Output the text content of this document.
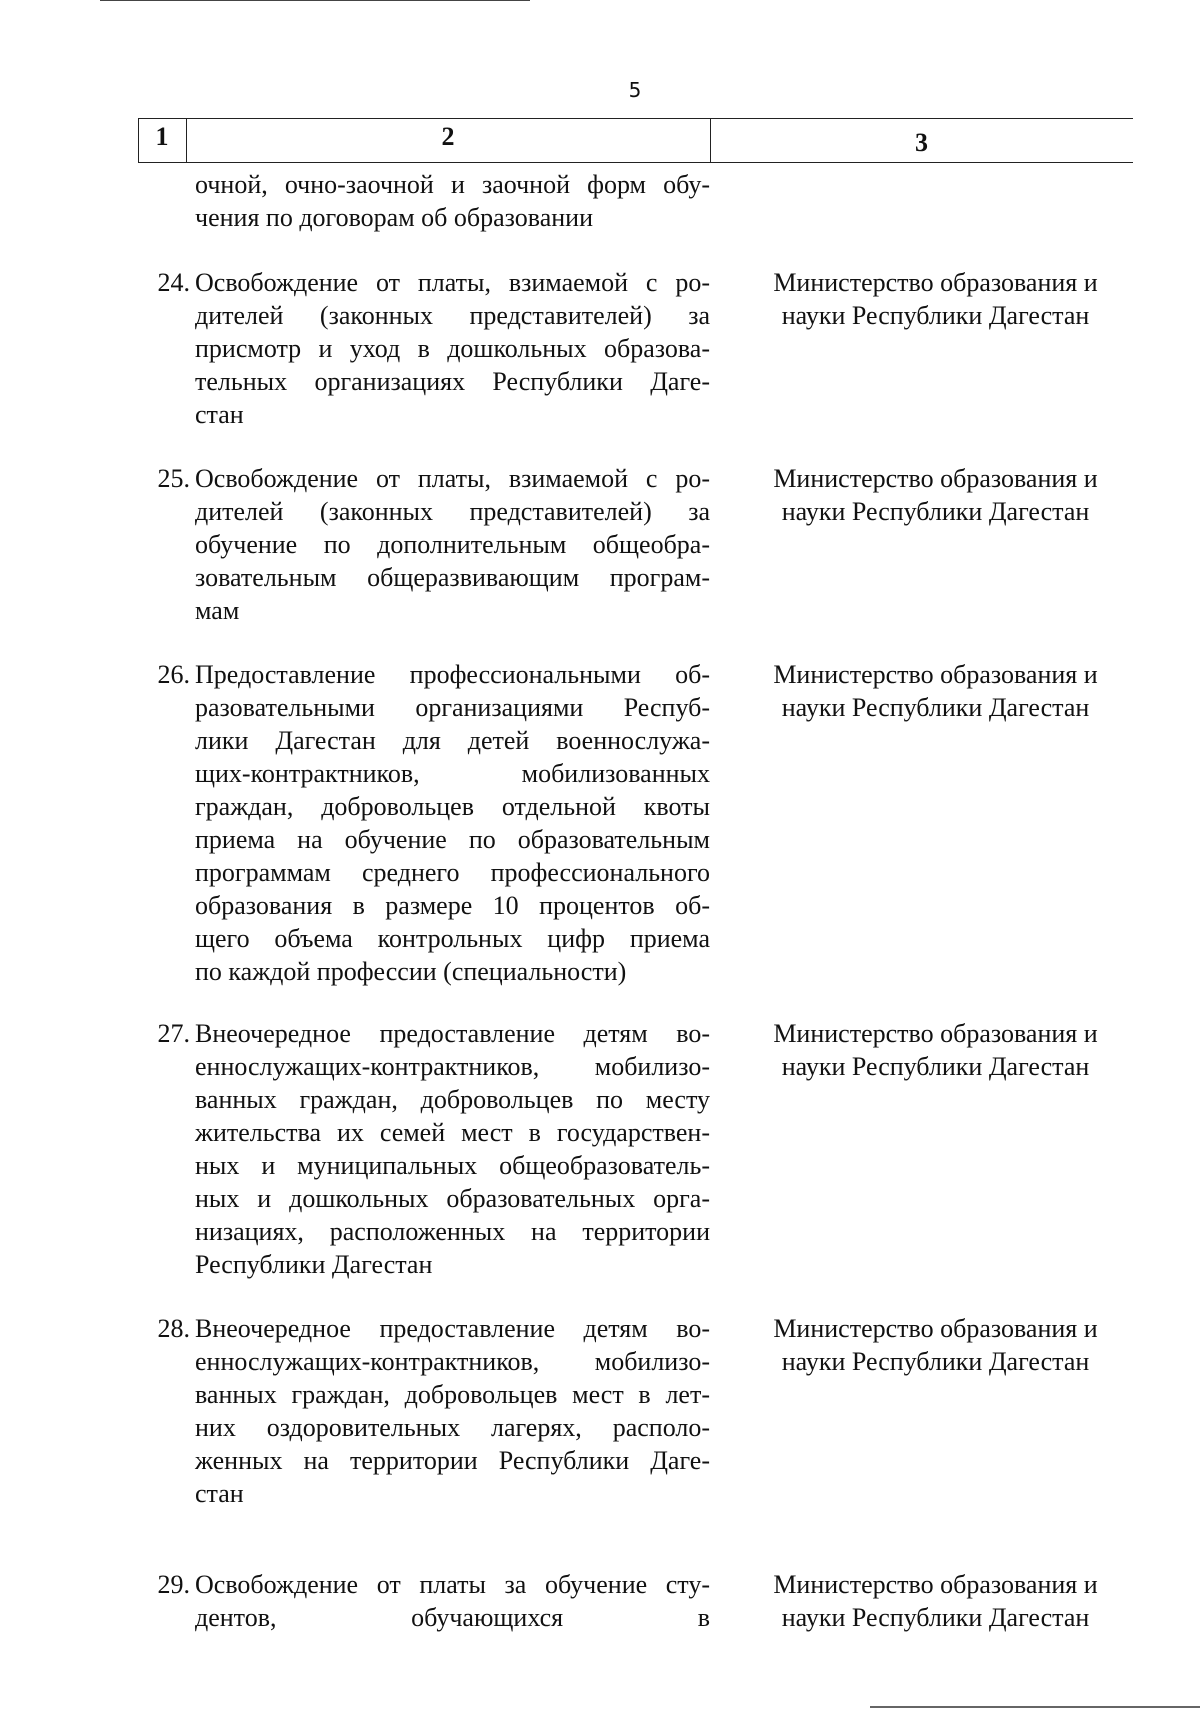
5
1	2	3
очной, очно-заочной и заочной форм обу-
чения по договорам об образовании
24. Освобождение от платы, взимаемой с ро-
дителей (законных представителей) за
присмотр и уход в дошкольных образова-
тельных организациях Республики Даге-
стан
Министерство образования и
науки Республики Дагестан
25. Освобождение от платы, взимаемой с ро-
дителей (законных представителей) за
обучение по дополнительным общеобра-
зовательным общеразвивающим програм-
мам
Министерство образования и
науки Республики Дагестан
26. Предоставление профессиональными об-
разовательными организациями Респуб-
лики Дагестан для детей военнослужа-
щих-контрактников, мобилизованных
граждан, добровольцев отдельной квоты
приема на обучение по образовательным
программам среднего профессионального
образования в размере 10 процентов об-
щего объема контрольных цифр приема
по каждой профессии (специальности)
Министерство образования и
науки Республики Дагестан
27. Внеочередное предоставление детям во-
еннослужащих-контрактников, мобилизо-
ванных граждан, добровольцев по месту
жительства их семей мест в государствен-
ных и муниципальных общеобразователь-
ных и дошкольных образовательных орга-
низациях, расположенных на территории
Республики Дагестан
Министерство образования и
науки Республики Дагестан
28. Внеочередное предоставление детям во-
еннослужащих-контрактников, мобилизо-
ванных граждан, добровольцев мест в лет-
них оздоровительных лагерях, располо-
женных на территории Республики Даге-
стан
Министерство образования и
науки Республики Дагестан
29. Освобождение от платы за обучение сту-
дентов, обучающихся в
Министерство образования и
науки Республики Дагестан
